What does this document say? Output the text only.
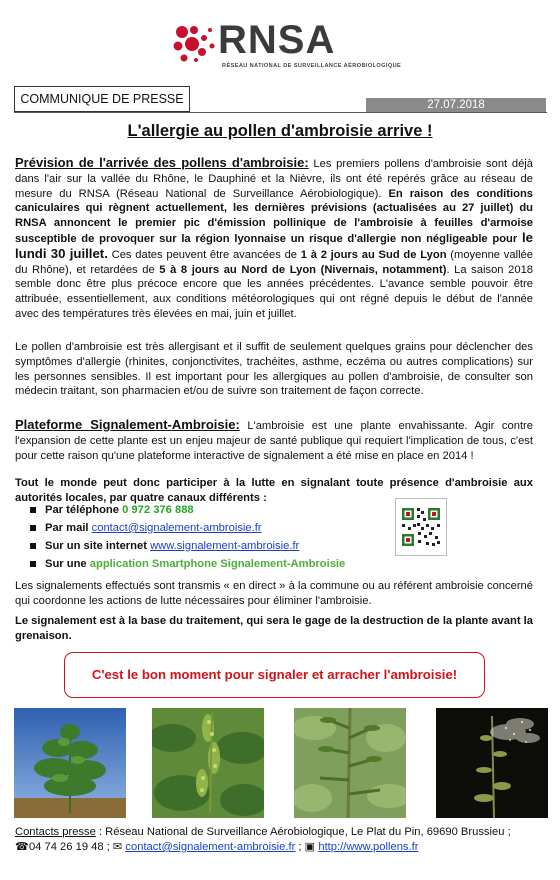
RNSA
RÉSEAU NATIONAL DE SURVEILLANCE AÉROBIOLOGIQUE
COMMUNIQUE DE PRESSE	27.07.2018
L'allergie au pollen d'ambroisie arrive !
Prévision de l'arrivée des pollens d'ambroisie: Les premiers pollens d'ambroisie sont déjà dans l'air sur la vallée du Rhône, le Dauphiné et la Nièvre, ils ont été repérés grâce au réseau de mesure du RNSA (Réseau National de Surveillance Aérobiologique). En raison des conditions caniculaires qui règnent actuellement, les dernières prévisions (actualisées au 27 juillet) du RNSA annoncent le premier pic d'émission pollinique de l'ambroisie à feuilles d'armoise susceptible de provoquer sur la région lyonnaise un risque d'allergie non négligeable pour le lundi 30 juillet. Ces dates peuvent être avancées de 1 à 2 jours au Sud de Lyon (moyenne vallée du Rhône), et retardées de 5 à 8 jours au Nord de Lyon (Nivernais, notamment). La saison 2018 semble donc être plus précoce encore que les années précédentes. L'avance semble pouvoir être attribuée, essentiellement, aux conditions météorologiques qui ont régné depuis le début de l'année avec des températures très élevées en mai, juin et juillet.
Le pollen d'ambroisie est très allergisant et il suffit de seulement quelques grains pour déclencher des symptômes d'allergie (rhinites, conjonctivites, trachéites, asthme, eczéma ou autres complications) sur les personnes sensibles. Il est important pour les allergiques au pollen d'ambroisie, de consulter son médecin traitant, son pharmacien et/ou de suivre son traitement de façon correcte.
Plateforme Signalement-Ambroisie: L'ambroisie est une plante envahissante. Agir contre l'expansion de cette plante est un enjeu majeur de santé publique qui requiert l'implication de tous, c'est pour cette raison qu'une plateforme interactive de signalement a été mise en place en 2014 !
Tout le monde peut donc participer à la lutte en signalant toute présence d'ambroisie aux autorités locales, par quatre canaux différents :
Par téléphone 0 972 376 888
Par mail contact@signalement-ambroisie.fr
Sur un site internet www.signalement-ambroisie.fr
Sur une application Smartphone Signalement-Ambroisie
Les signalements effectués sont transmis « en direct » à la commune ou au référent ambroisie concerné qui coordonne les actions de lutte nécessaires pour éliminer l'ambroisie.
Le signalement est à la base du traitement, qui sera le gage de la destruction de la plante avant la grenaison.
C'est le bon moment pour signaler et arracher l'ambroisie!
Contacts presse : Réseau National de Surveillance Aérobiologique, Le Plat du Pin, 69690 Brussieu ;
☎04 74 26 19 48 ; ✉ contact@signalement-ambroisie.fr ; ▣ http://www.pollens.fr
